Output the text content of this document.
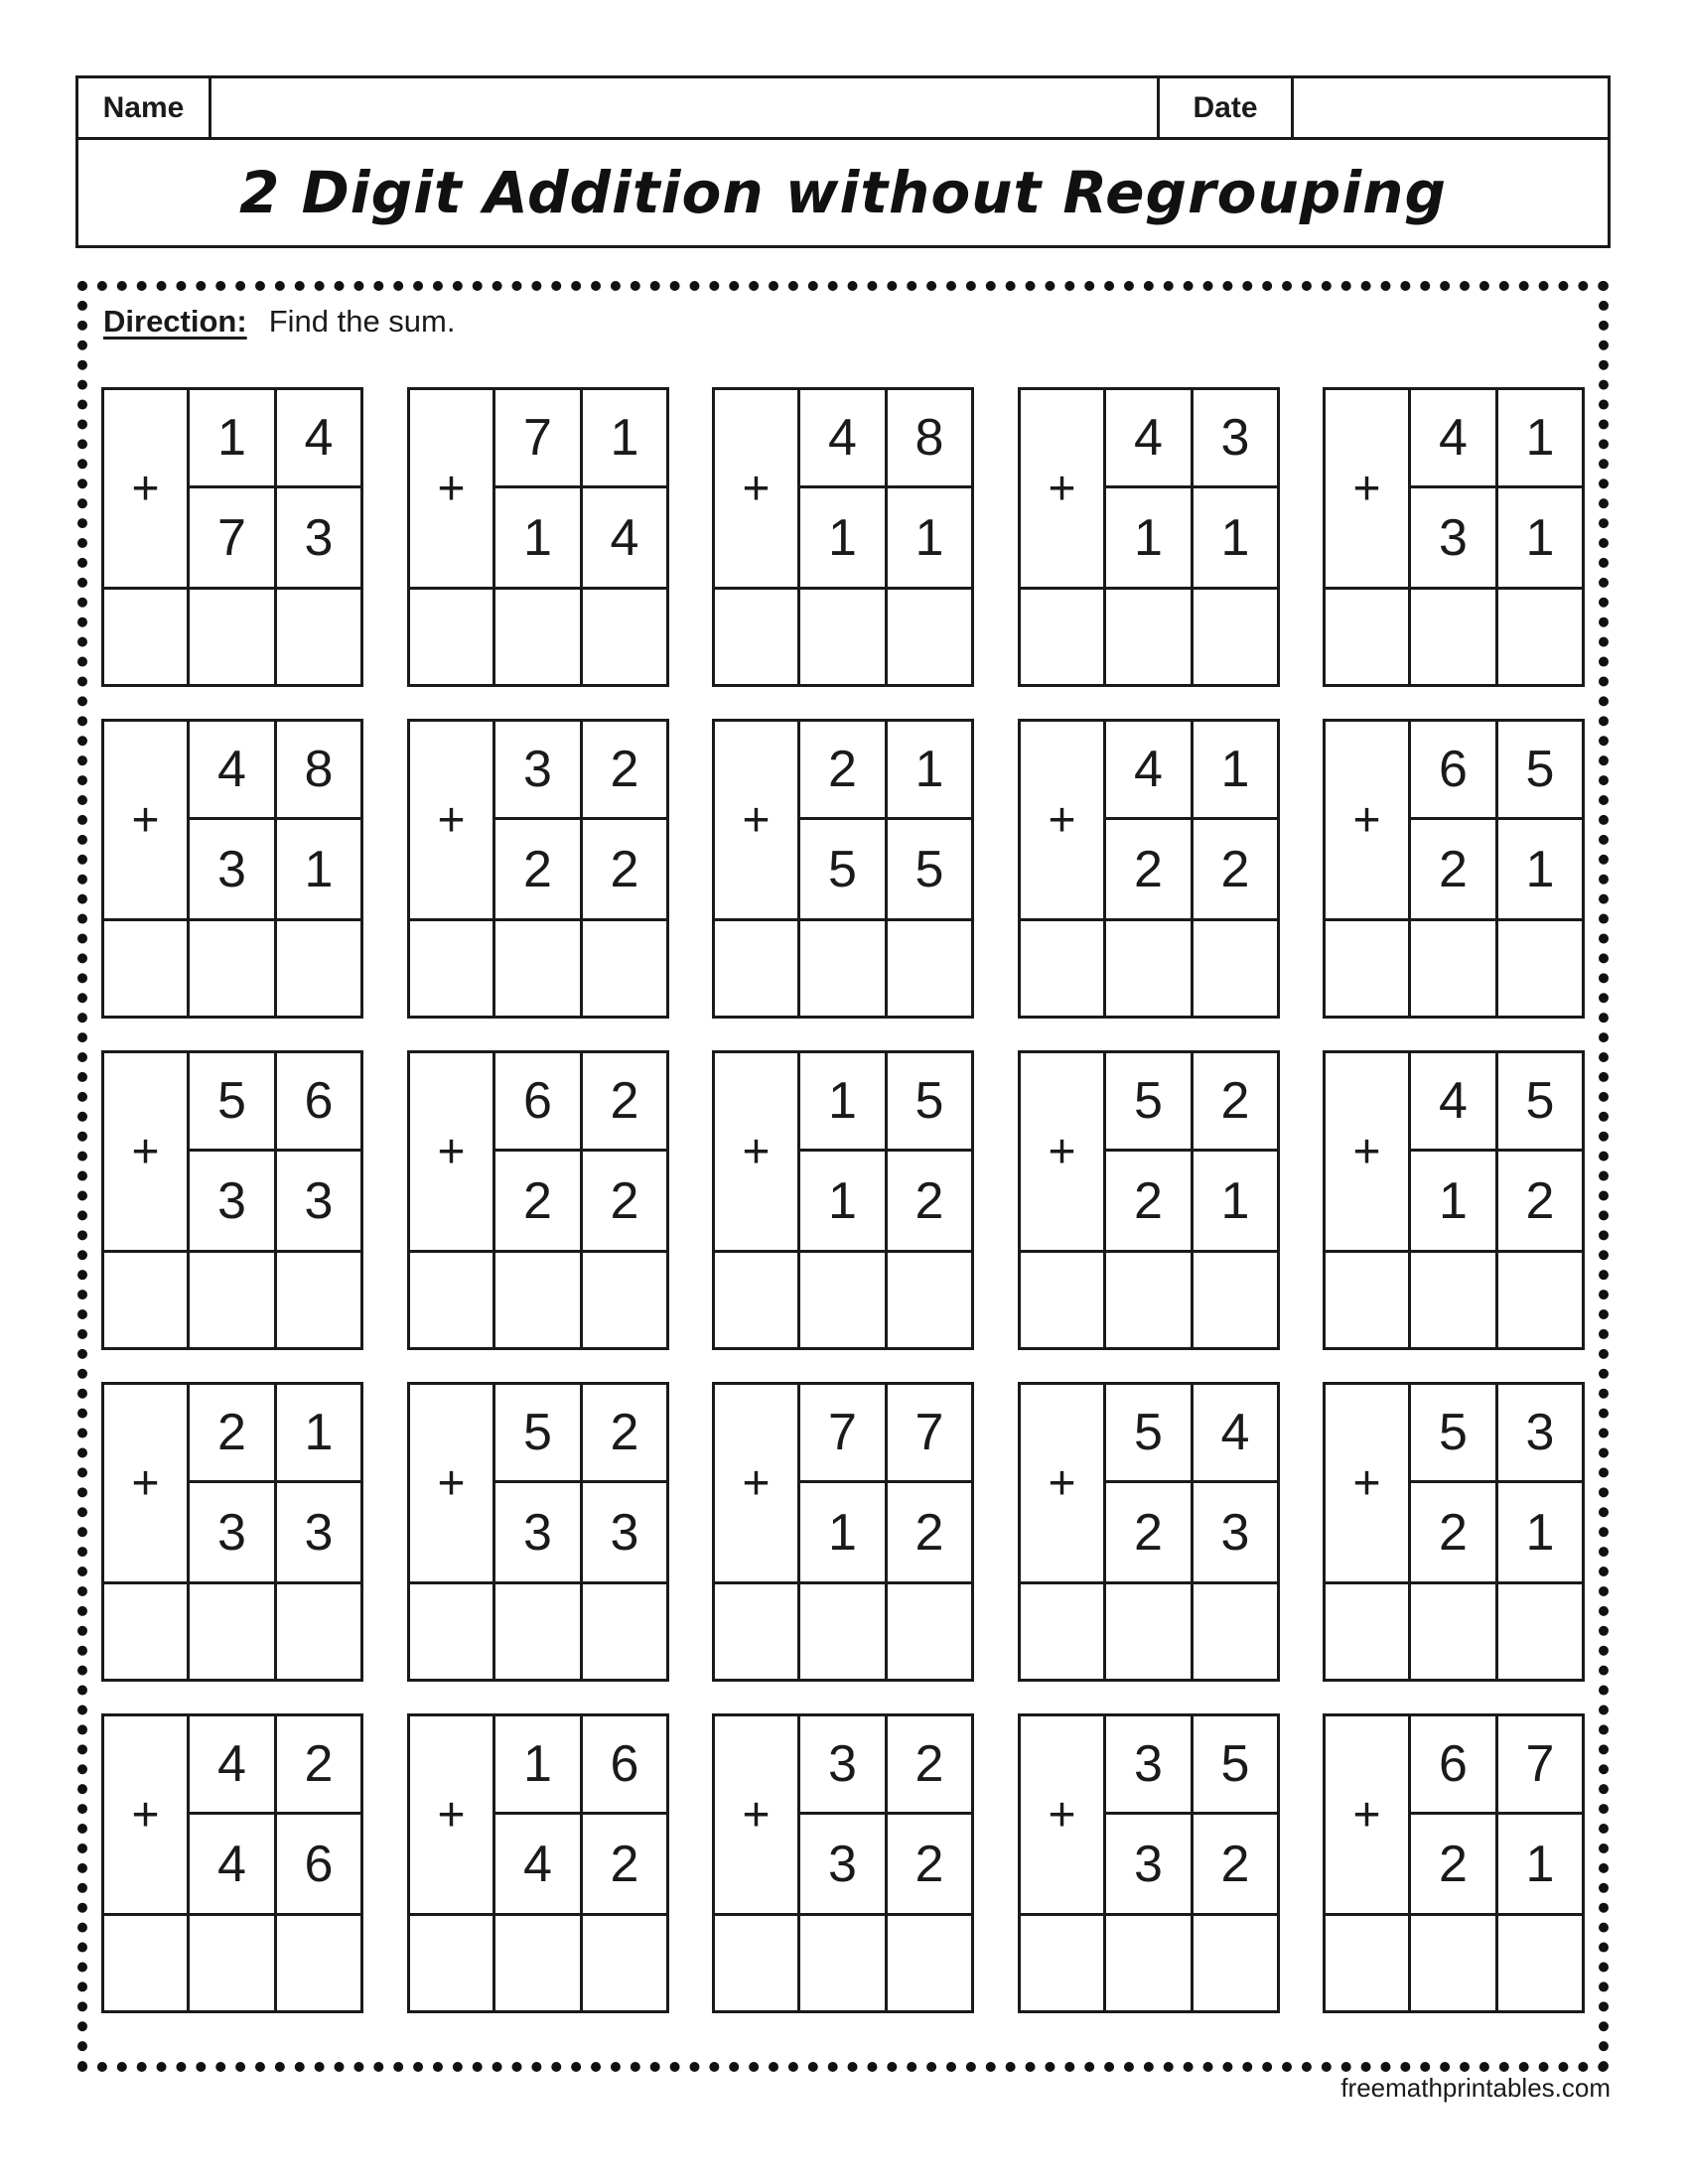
Name	Date
2 Digit Addition without Regrouping
Direction: Find the sum.
+
1	4
7	3
+
7	1
1	4
+
4	8
1	1
+
4	3
1	1
+
4	1
3	1
+
4	8
3	1
+
3	2
2	2
+
2	1
5	5
+
4	1
2	2
+
6	5
2	1
+
5	6
3	3
+
6	2
2	2
+
1	5
1	2
+
5	2
2	1
+
4	5
1	2
+
2	1
3	3
+
5	2
3	3
+
7	7
1	2
+
5	4
2	3
+
5	3
2	1
+
4	2
4	6
+
1	6
4	2
+
3	2
3	2
+
3	5
3	2
+
6	7
2	1
freemathprintables.com
